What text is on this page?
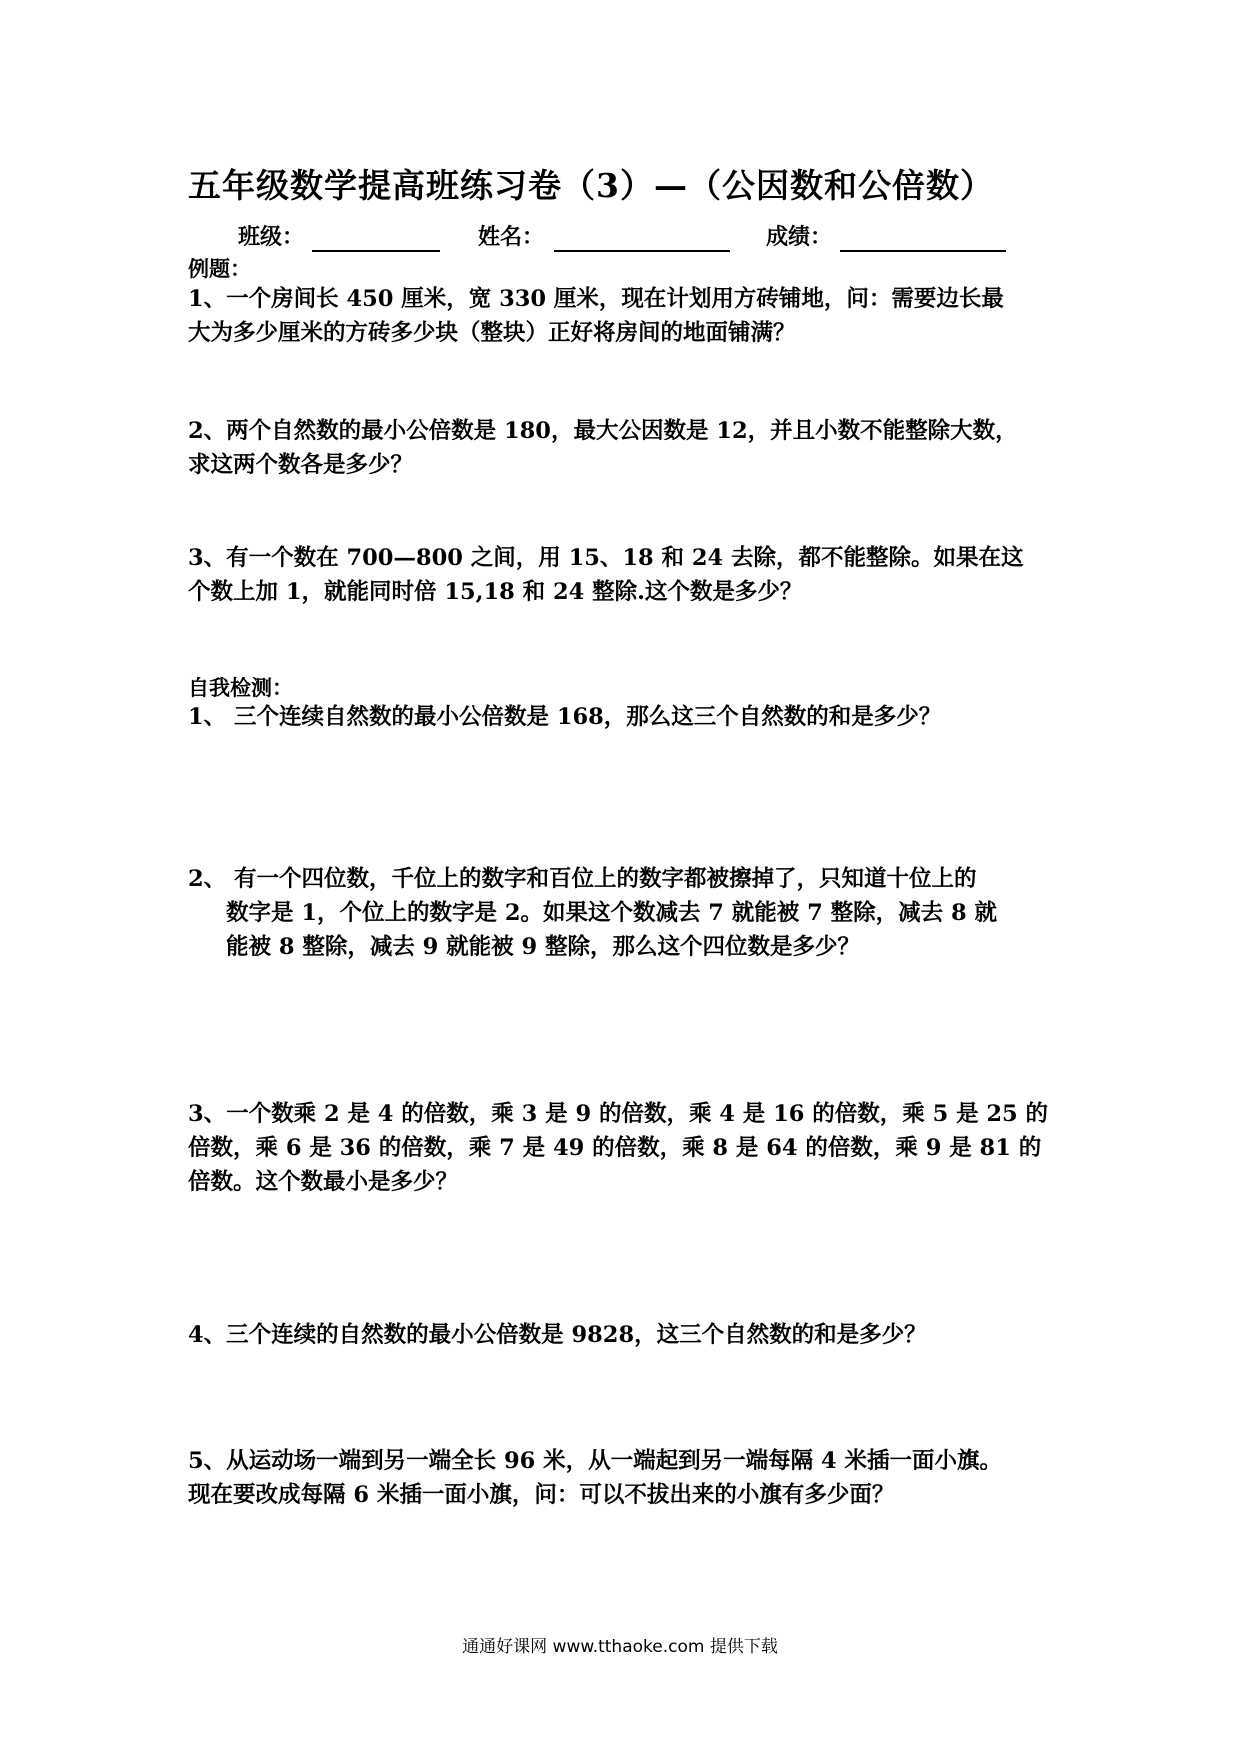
五年级数学提高班练习卷（3）—（公因数和公倍数）
班级：	姓名：	成绩：
例题：
1、一个房间长 450 厘米，宽 330 厘米，现在计划用方砖铺地，问：需要边长最
大为多少厘米的方砖多少块（整块）正好将房间的地面铺满？
2、两个自然数的最小公倍数是 180，最大公因数是 12，并且小数不能整除大数，
求这两个数各是多少？
3、有一个数在 700—800 之间，用 15、18 和 24 去除，都不能整除。如果在这
个数上加 1，就能同时倍 15,18 和 24 整除.这个数是多少？
自我检测：
1、 三个连续自然数的最小公倍数是 168，那么这三个自然数的和是多少？
2、 有一个四位数，千位上的数字和百位上的数字都被擦掉了，只知道十位上的
数字是 1，个位上的数字是 2。如果这个数减去 7 就能被 7 整除，减去 8 就
能被 8 整除，减去 9 就能被 9 整除，那么这个四位数是多少？
3、一个数乘 2 是 4 的倍数，乘 3 是 9 的倍数，乘 4 是 16 的倍数，乘 5 是 25 的
倍数，乘 6 是 36 的倍数，乘 7 是 49 的倍数，乘 8 是 64 的倍数，乘 9 是 81 的
倍数。这个数最小是多少？
4、三个连续的自然数的最小公倍数是 9828，这三个自然数的和是多少？
5、从运动场一端到另一端全长 96 米，从一端起到另一端每隔 4 米插一面小旗。
现在要改成每隔 6 米插一面小旗，问：可以不拔出来的小旗有多少面？
通通好课网 www.tthaoke.com 提供下载
